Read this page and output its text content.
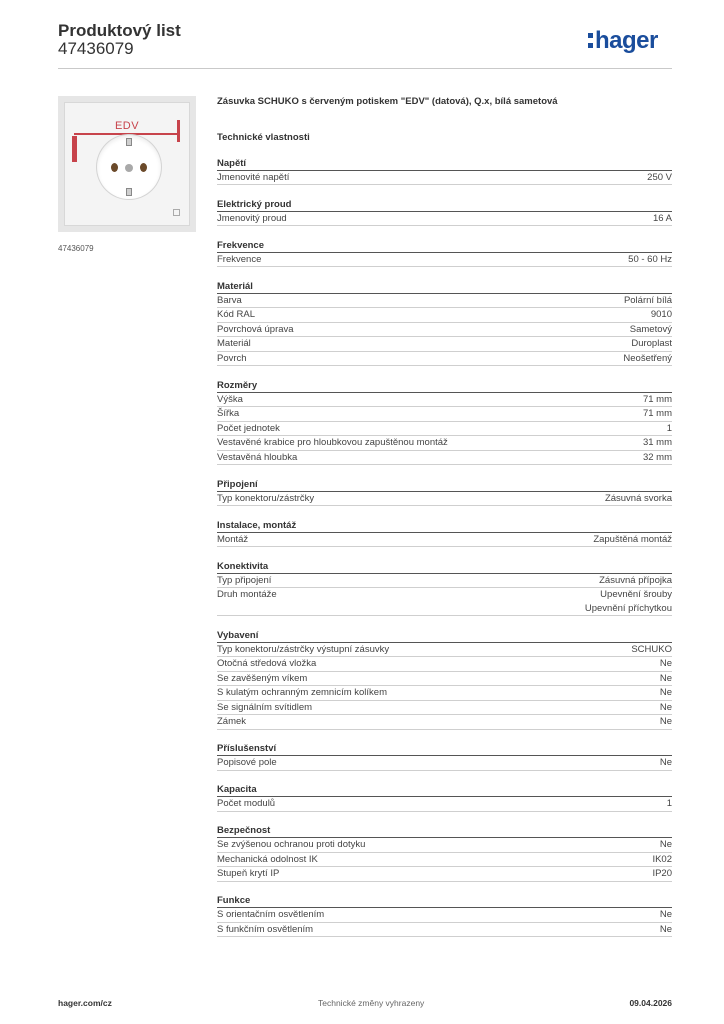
Produktový list
47436079	hager
EDV
47436079
Zásuvka SCHUKO s červeným potiskem "EDV" (datová), Q.x, bílá sametová
Technické vlastnosti
Napětí
Jmenovité napětí	250 V
Elektrický proud
Jmenovitý proud	16 A
Frekvence
Frekvence	50 - 60 Hz
Materiál
Barva	Polární bílá
Kód RAL	9010
Povrchová úprava	Sametový
Materiál	Duroplast
Povrch	Neošetřený
Rozměry
Výška	71 mm
Šířka	71 mm
Počet jednotek	1
Vestavěné krabice pro hloubkovou zapuštěnou montáž	31 mm
Vestavěná hloubka	32 mm
Připojení
Typ konektoru/zástrčky	Zásuvná svorka
Instalace, montáž
Montáž	Zapuštěná montáž
Konektivita
Typ připojení	Zásuvná přípojka
Druh montáže	Upevnění šrouby
Upevnění příchytkou
Vybavení
Typ konektoru/zástrčky výstupní zásuvky	SCHUKO
Otočná středová vložka	Ne
Se zavěšeným víkem	Ne
S kulatým ochranným zemnicím kolíkem	Ne
Se signálním svítidlem	Ne
Zámek	Ne
Příslušenství
Popisové pole	Ne
Kapacita
Počet modulů	1
Bezpečnost
Se zvýšenou ochranou proti dotyku	Ne
Mechanická odolnost IK	IK02
Stupeň krytí IP	IP20
Funkce
S orientačním osvětlením	Ne
S funkčním osvětlením	Ne
hager.com/cz	Technické změny vyhrazeny	09.04.2026
